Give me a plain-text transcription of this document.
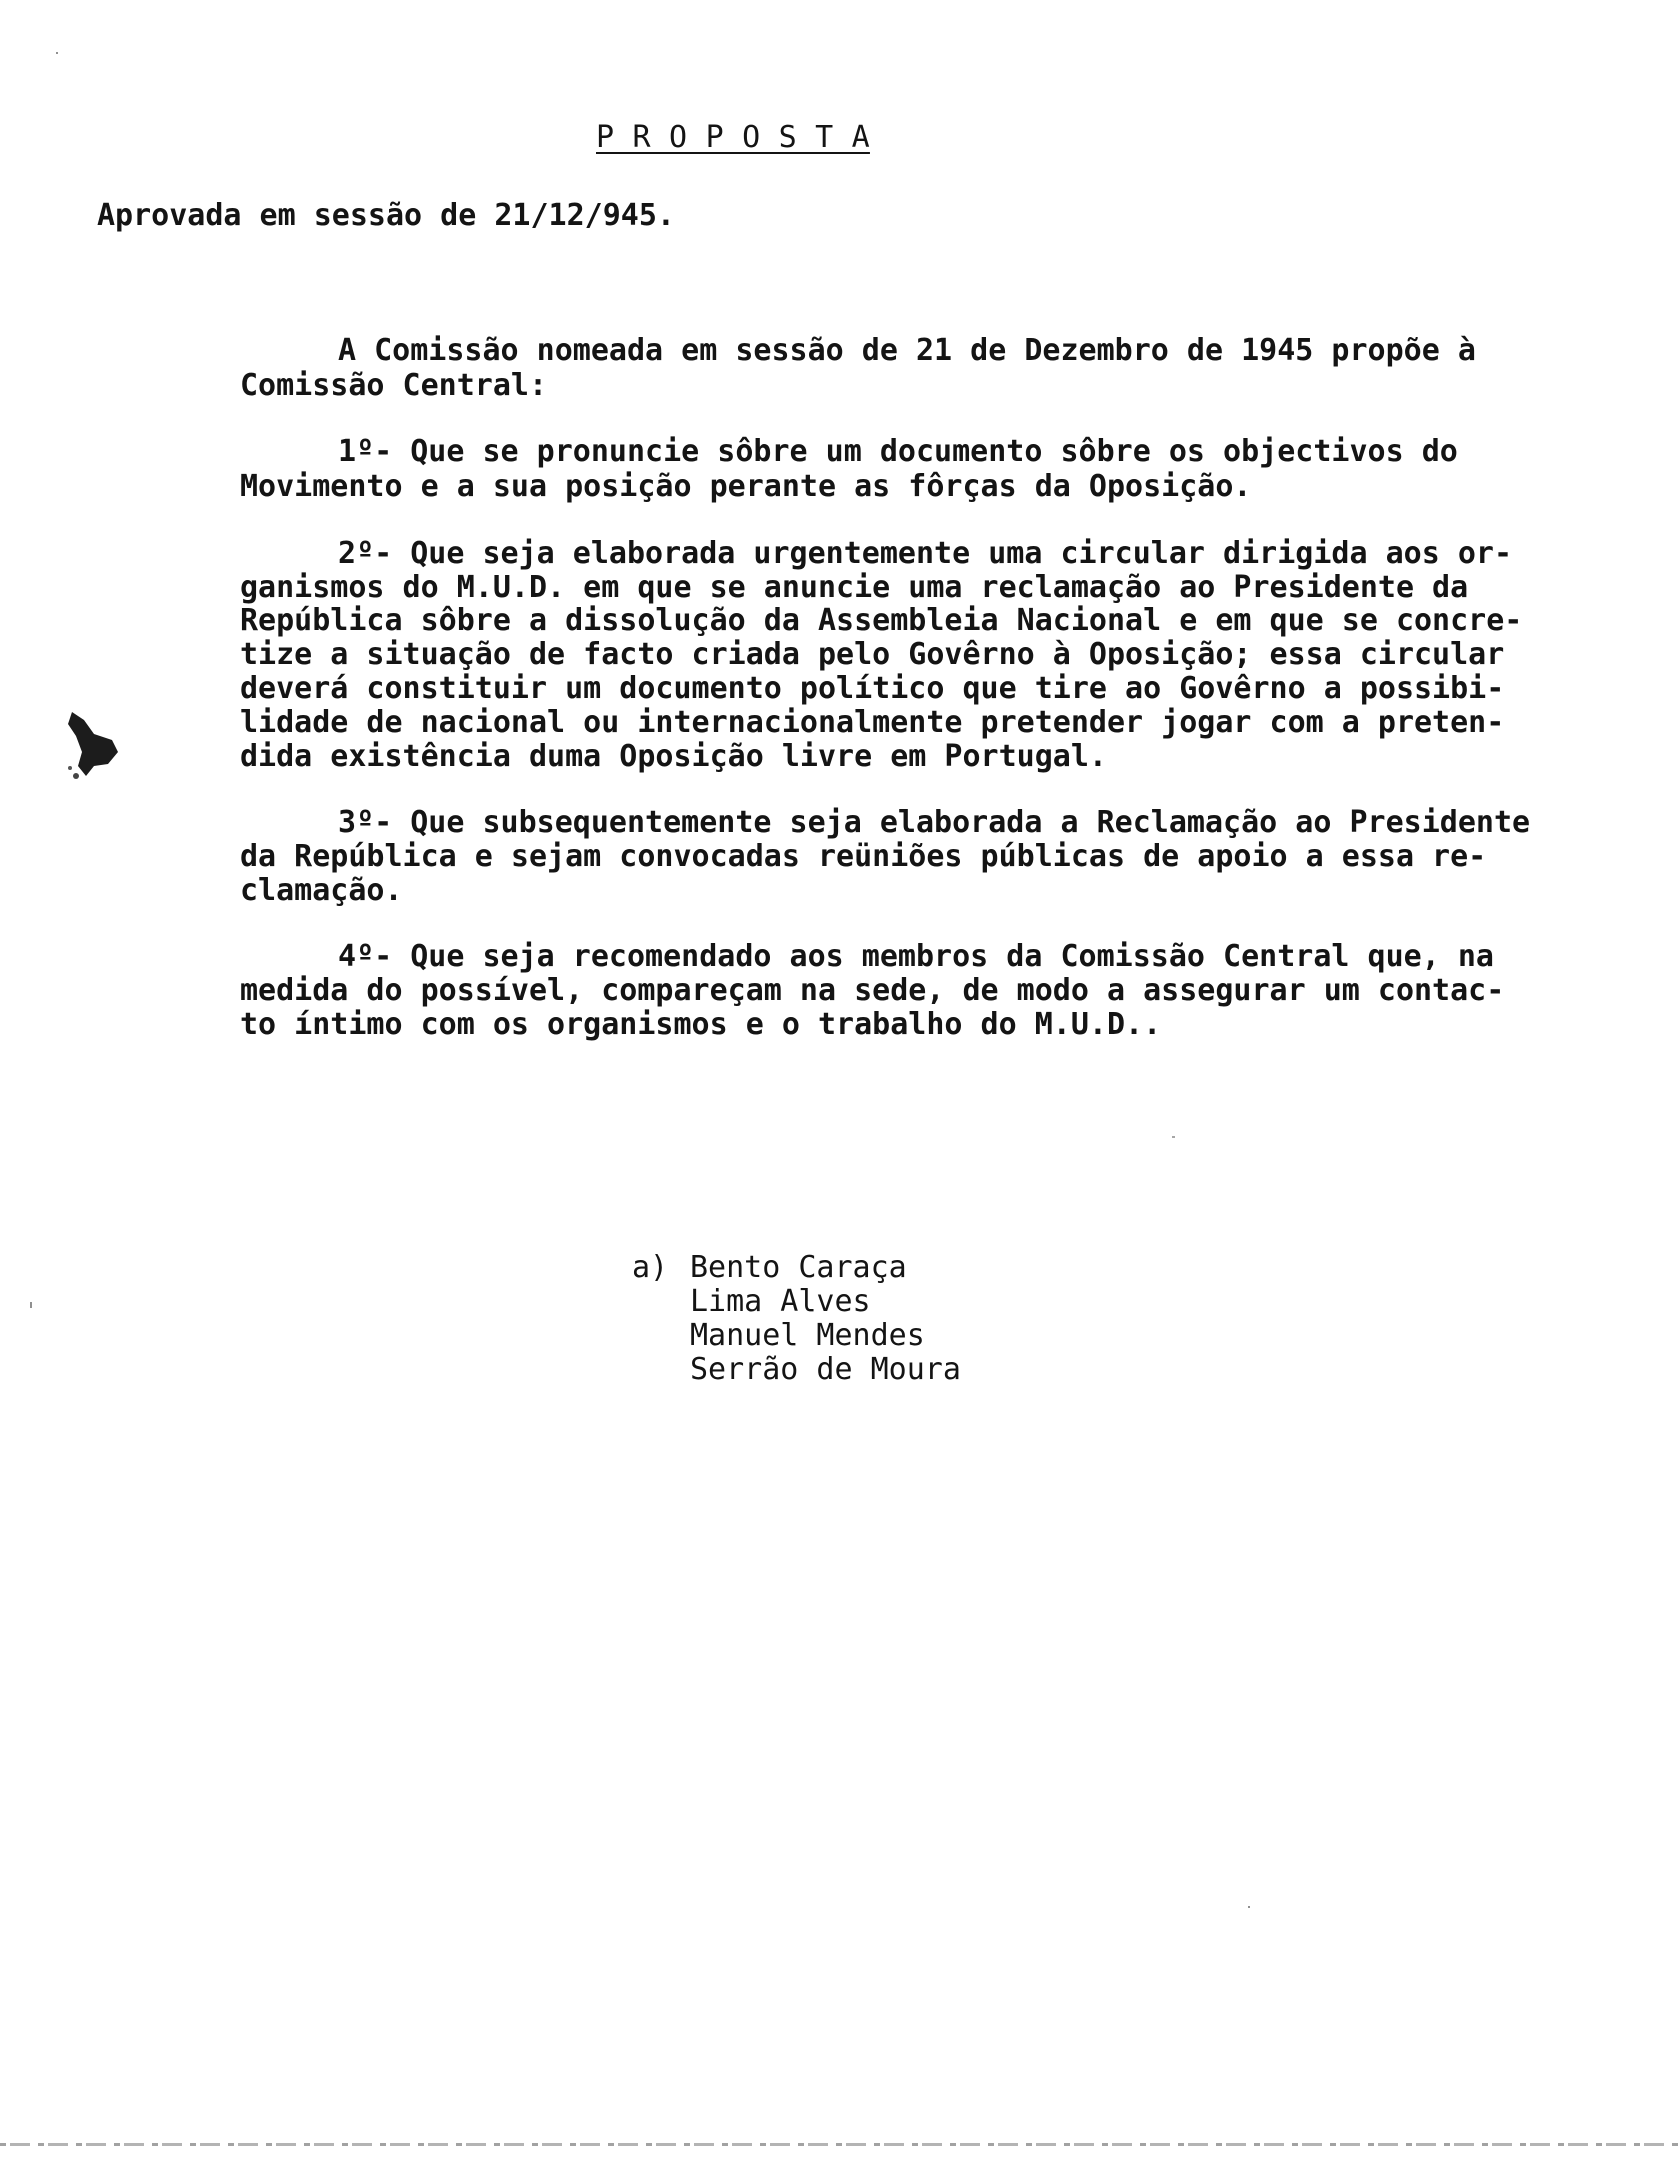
P R O P O S T A
Aprovada em sessão de 21/12/945.
A Comissão nomeada em sessão de 21 de Dezembro de 1945 propõe à
Comissão Central:
1º- Que se pronuncie sôbre um documento sôbre os objectivos do
Movimento e a sua posição perante as fôrças da Oposição.
2º- Que seja elaborada urgentemente uma circular dirigida aos or-
ganismos do M.U.D. em que se anuncie uma reclamação ao Presidente da
República sôbre a dissolução da Assembleia Nacional e em que se concre-
tize a situação de facto criada pelo Govêrno à Oposição; essa circular
deverá constituir um documento político que tire ao Govêrno a possibi-
lidade de nacional ou internacionalmente pretender jogar com a preten-
dida existência duma Oposição livre em Portugal.
3º- Que subsequentemente seja elaborada a Reclamação ao Presidente
da República e sejam convocadas reüniões públicas de apoio a essa re-
clamação.
4º- Que seja recomendado aos membros da Comissão Central que, na
medida do possível, compareçam na sede, de modo a assegurar um contac-
to íntimo com os organismos e o trabalho do M.U.D..
a) Bento Caraça
Lima Alves
Manuel Mendes
Serrão de Moura
